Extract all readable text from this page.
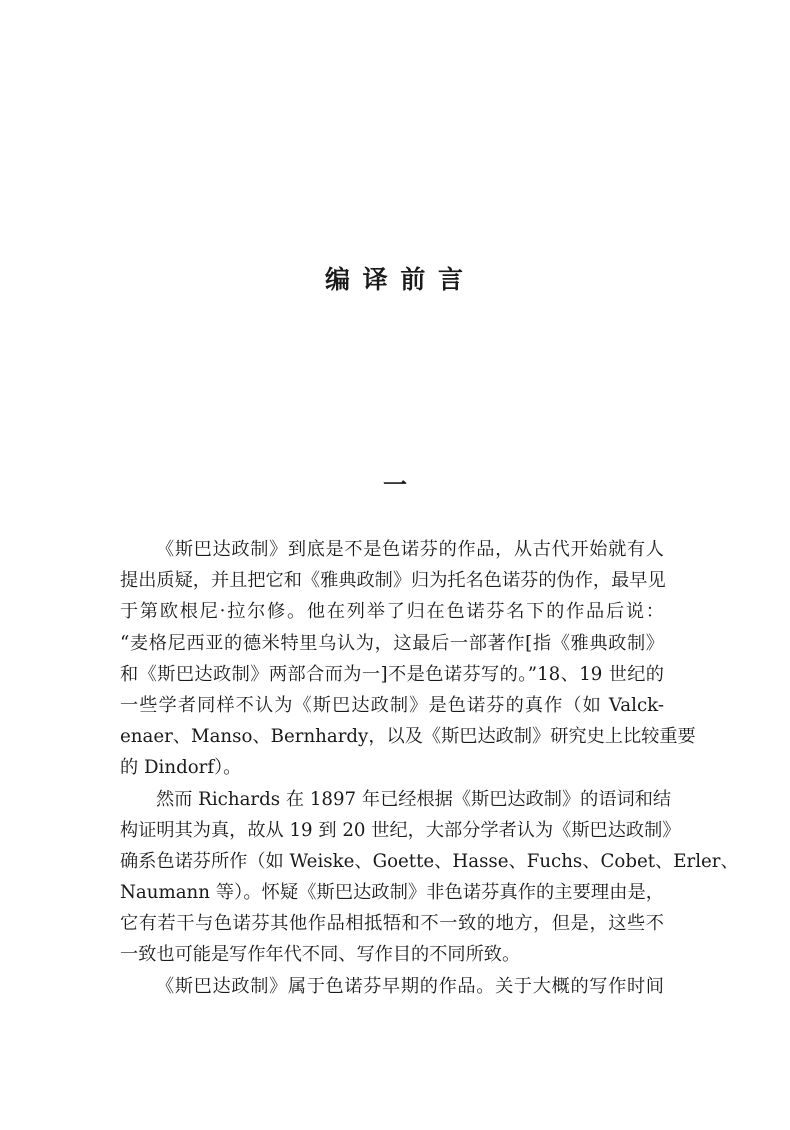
编 译 前 言
一
《斯巴达政制》到底是不是色诺芬的作品，从古代开始就有人
提出质疑，并且把它和《雅典政制》归为托名色诺芬的伪作，最早见
于第欧根尼·拉尔修。他在列举了归在色诺芬名下的作品后说：
“麦格尼西亚的德米特里乌认为，这最后一部著作[指《雅典政制》
和《斯巴达政制》两部合而为一]不是色诺芬写的。”18、19 世纪的
一些学者同样不认为《斯巴达政制》是色诺芬的真作（如 Valck-
enaer、Manso、Bernhardy，以及《斯巴达政制》研究史上比较重要
的 Dindorf）。
然而 Richards 在 1897 年已经根据《斯巴达政制》的语词和结
构证明其为真，故从 19 到 20 世纪，大部分学者认为《斯巴达政制》
确系色诺芬所作（如 Weiske、Goette、Hasse、Fuchs、Cobet、Erler、
Naumann 等）。怀疑《斯巴达政制》非色诺芬真作的主要理由是，
它有若干与色诺芬其他作品相抵牾和不一致的地方，但是，这些不
一致也可能是写作年代不同、写作目的不同所致。
《斯巴达政制》属于色诺芬早期的作品。关于大概的写作时间
